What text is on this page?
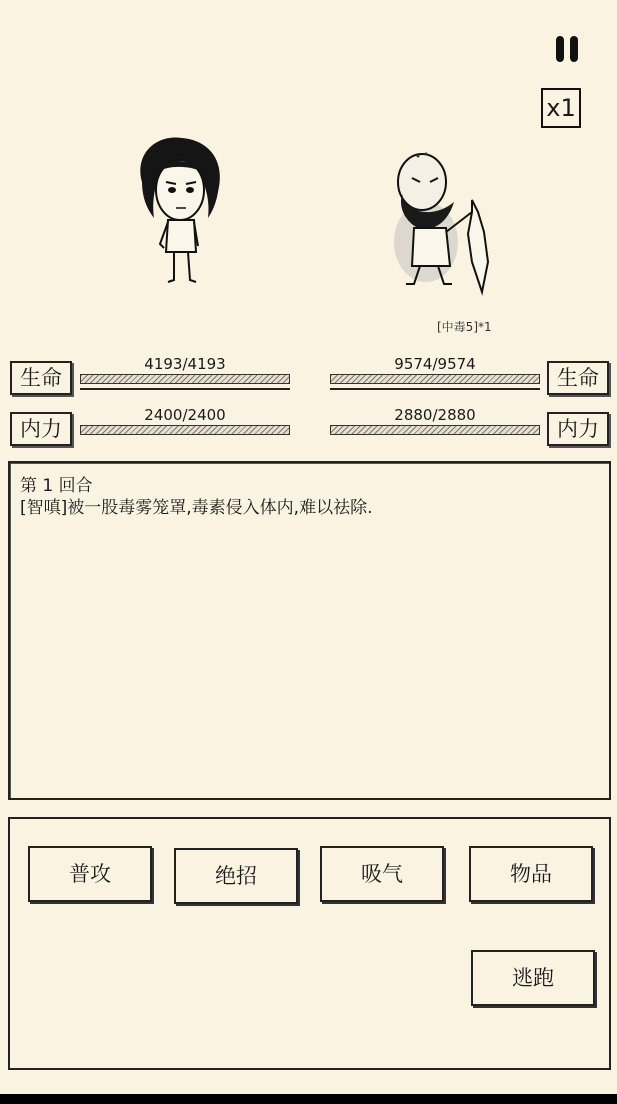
x1
[中毒5]*1
生命
4193/4193
内力
2400/2400
9574/9574
生命
2880/2880
内力
第 1 回合
[智嗔]被一股毒雾笼罩,毒素侵入体内,难以祛除.
普攻	绝招	吸气	物品
逃跑
